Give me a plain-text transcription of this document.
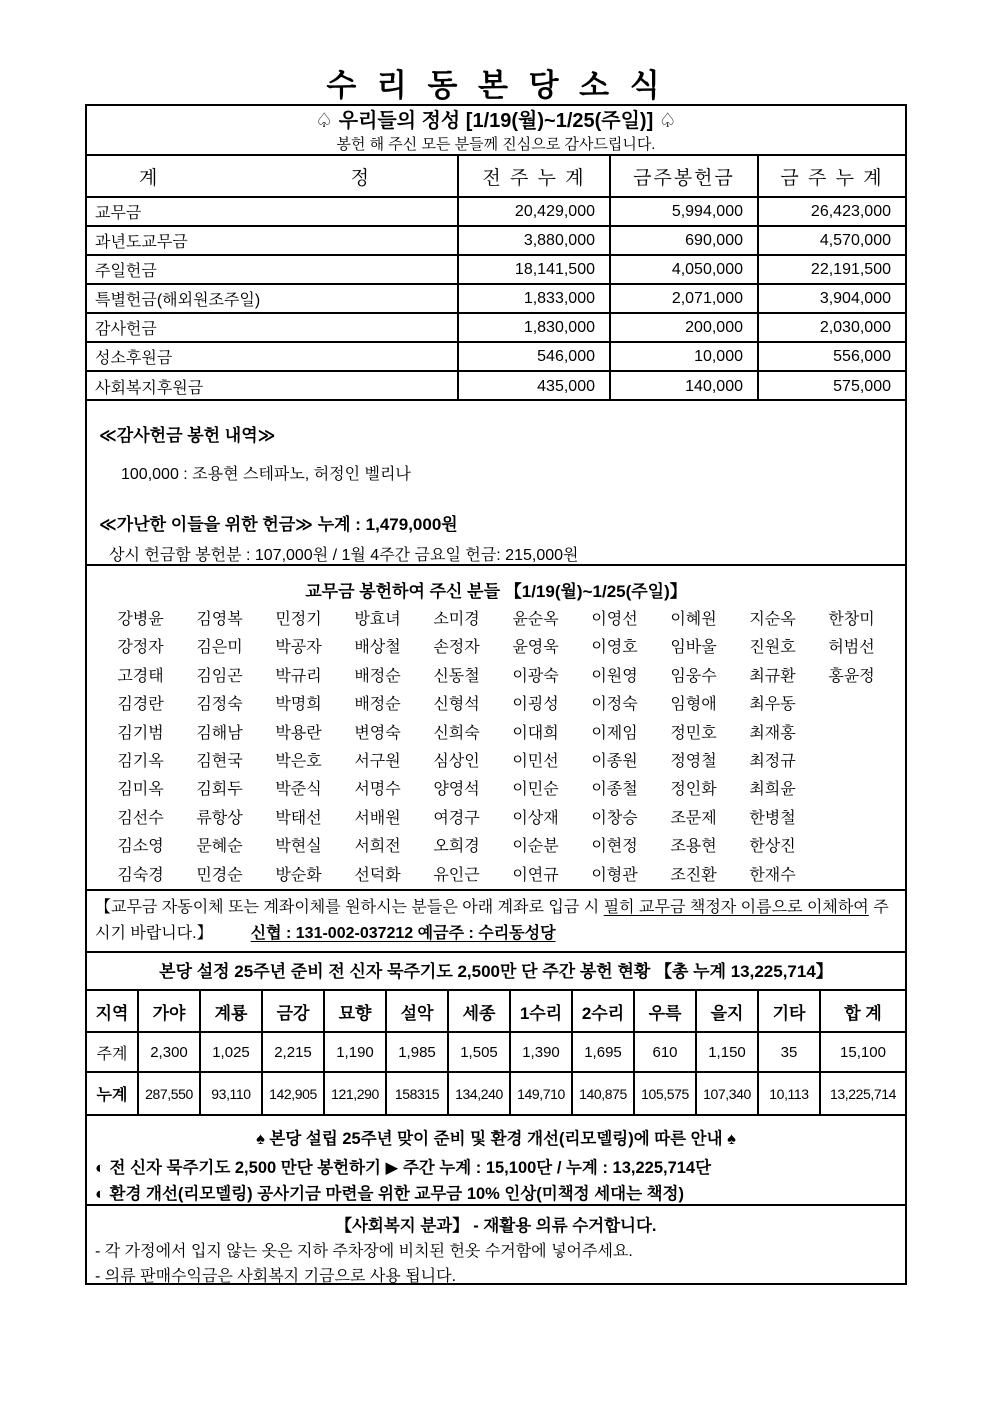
수 리 동 본 당 소 식
♤ 우리들의 정성 [1/19(월)~1/25(주일)] ♤
봉헌 해 주신 모든 분들께 진심으로 감사드립니다.
계	정	전 주 누 계	금주봉헌금	금 주 누 계
교무금	20,429,000	5,994,000	26,423,000
과년도교무금	3,880,000	690,000	4,570,000
주일헌금	18,141,500	4,050,000	22,191,500
특별헌금(해외원조주일)	1,833,000	2,071,000	3,904,000
감사헌금	1,830,000	200,000	2,030,000
성소후원금	546,000	10,000	556,000
사회복지후원금	435,000	140,000	575,000
≪감사헌금 봉헌 내역≫
100,000 : 조용현 스테파노, 허정인 벨리나
≪가난한 이들을 위한 헌금≫ 누계 : 1,479,000원
상시 헌금함 봉헌분 : 107,000원 / 1월 4주간 금요일 헌금: 215,000원
교무금 봉헌하여 주신 분들 【1/19(월)~1/25(주일)】
강병윤	김영복	민정기	방효녀	소미경	윤순옥	이영선	이혜원	지순옥	한창미
강정자	김은미	박공자	배상철	손정자	윤영욱	이영호	임바울	진원호	허범선
고경태	김임곤	박규리	배정순	신동철	이광숙	이원영	임웅수	최규환	홍윤정
김경란	김정숙	박명희	배정순	신형석	이굉성	이정숙	임형애	최우동
김기범	김해남	박용란	변영숙	신희숙	이대희	이제임	정민호	최재홍
김기옥	김현국	박은호	서구원	심상인	이민선	이종원	정영철	최정규
김미옥	김회두	박준식	서명수	양영석	이민순	이종철	정인화	최희윤
김선수	류항상	박태선	서배원	여경구	이상재	이창승	조문제	한병철
김소영	문혜순	박현실	서희전	오희경	이순분	이현정	조용현	한상진
김숙경	민경순	방순화	선덕화	유인근	이연규	이형관	조진환	한재수
【교무금 자동이체 또는 계좌이체를 원하시는 분들은 아래 계좌로 입금 시 필히 교무금 책정자 이름으로 이체하여 주시기 바랍니다.】 신협 : 131-002-037212 예금주 : 수리동성당
본당 설정 25주년 준비 전 신자 묵주기도 2,500만 단 주간 봉헌 현황 【총 누계 13,225,714】
지역	가야	계룡	금강	묘향	설악	세종	1수리	2수리	우륵	을지	기타	합 계
주계	2,300	1,025	2,215	1,190	1,985	1,505	1,390	1,695	610	1,150	35	15,100
누계	287,550	93,110	142,905	121,290	158315	134,240	149,710	140,875	105,575	107,340	10,113	13,225,714
♠ 본당 설립 25주년 맞이 준비 및 환경 개선(리모델링)에 따른 안내 ♠
◐ 전 신자 묵주기도 2,500 만단 봉헌하기 ▶ 주간 누계 : 15,100단 / 누계 : 13,225,714단
◐ 환경 개선(리모델링) 공사기금 마련을 위한 교무금 10% 인상(미책정 세대는 책정)
【사회복지 분과】 - 재활용 의류 수거합니다.
- 각 가정에서 입지 않는 옷은 지하 주차장에 비치된 헌옷 수거함에 넣어주세요.
- 의류 판매수익금은 사회복지 기금으로 사용 됩니다.
